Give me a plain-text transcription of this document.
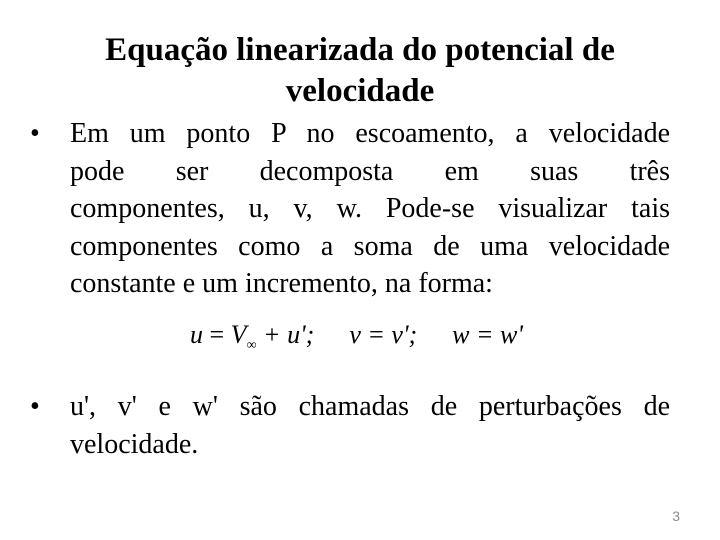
Equação linearizada do potencial de
velocidade
• Em um ponto P no escoamento, a velocidade
pode ser decomposta em suas três
componentes, u, v, w. Pode-se visualizar tais
componentes como a soma de uma velocidade
constante e um incremento, na forma:
$u = V_\infty + u'$; v = v'; w = w'
• u', v' e w' são chamadas de perturbações de
velocidade.
3
